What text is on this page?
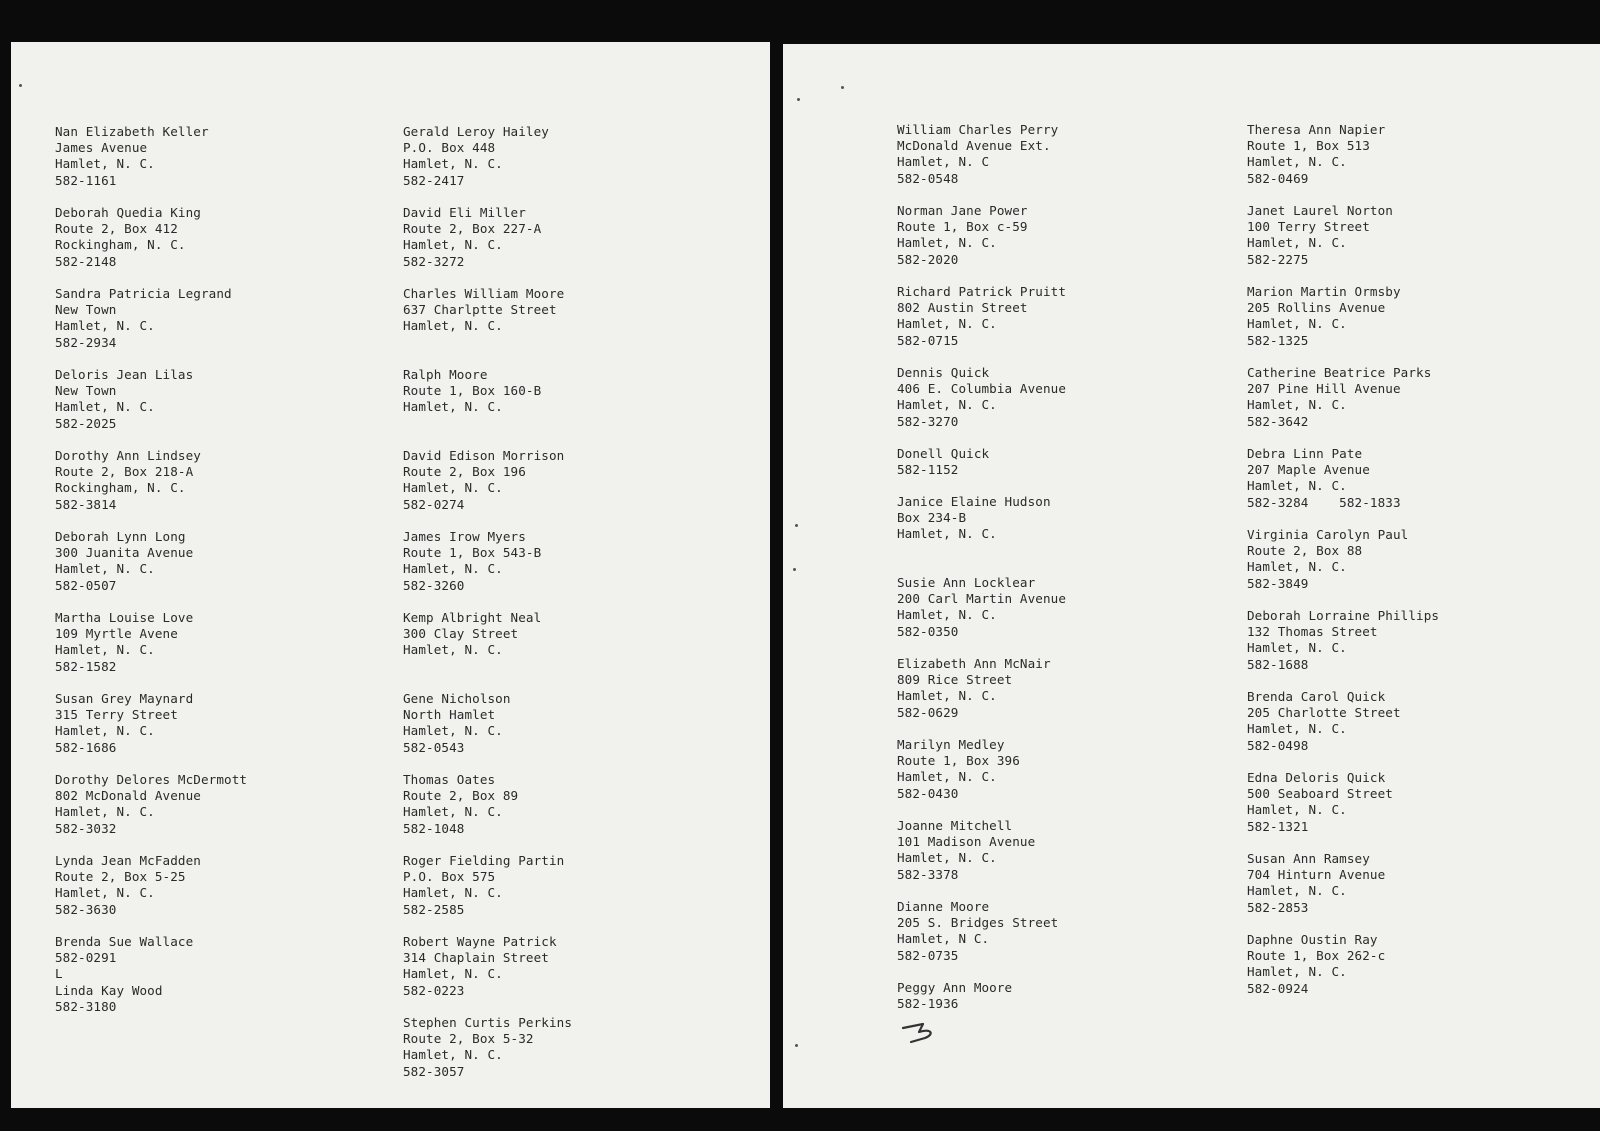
Nan Elizabeth Keller
James Avenue
Hamlet, N. C.
582-1161
Deborah Quedia King
Route 2, Box 412
Rockingham, N. C.
582-2148
Sandra Patricia Legrand
New Town
Hamlet, N. C.
582-2934
Deloris Jean Lilas
New Town
Hamlet, N. C.
582-2025
Dorothy Ann Lindsey
Route 2, Box 218-A
Rockingham, N. C.
582-3814
Deborah Lynn Long
300 Juanita Avenue
Hamlet, N. C.
582-0507
Martha Louise Love
109 Myrtle Avene
Hamlet, N. C.
582-1582
Susan Grey Maynard
315 Terry Street
Hamlet, N. C.
582-1686
Dorothy Delores McDermott
802 McDonald Avenue
Hamlet, N. C.
582-3032
Lynda Jean McFadden
Route 2, Box 5-25
Hamlet, N. C.
582-3630
Brenda Sue Wallace
582-0291
L
Linda Kay Wood
582-3180
Gerald Leroy Hailey
P.O. Box 448
Hamlet, N. C.
582-2417
David Eli Miller
Route 2, Box 227-A
Hamlet, N. C.
582-3272
Charles William Moore
637 Charlptte Street
Hamlet, N. C.
Ralph Moore
Route 1, Box 160-B
Hamlet, N. C.
David Edison Morrison
Route 2, Box 196
Hamlet, N. C.
582-0274
James Irow Myers
Route 1, Box 543-B
Hamlet, N. C.
582-3260
Kemp Albright Neal
300 Clay Street
Hamlet, N. C.
Gene Nicholson
North Hamlet
Hamlet, N. C.
582-0543
Thomas Oates
Route 2, Box 89
Hamlet, N. C.
582-1048
Roger Fielding Partin
P.O. Box 575
Hamlet, N. C.
582-2585
Robert Wayne Patrick
314 Chaplain Street
Hamlet, N. C.
582-0223
Stephen Curtis Perkins
Route 2, Box 5-32
Hamlet, N. C.
582-3057
William Charles Perry
McDonald Avenue Ext.
Hamlet, N. C
582-0548
Norman Jane Power
Route 1, Box c-59
Hamlet, N. C.
582-2020
Richard Patrick Pruitt
802 Austin Street
Hamlet, N. C.
582-0715
Dennis Quick
406 E. Columbia Avenue
Hamlet, N. C.
582-3270
Donell Quick
582-1152
Janice Elaine Hudson
Box 234-B
Hamlet, N. C.
Susie Ann Locklear
200 Carl Martin Avenue
Hamlet, N. C.
582-0350
Elizabeth Ann McNair
809 Rice Street
Hamlet, N. C.
582-0629
Marilyn Medley
Route 1, Box 396
Hamlet, N. C.
582-0430
Joanne Mitchell
101 Madison Avenue
Hamlet, N. C.
582-3378
Dianne Moore
205 S. Bridges Street
Hamlet, N C.
582-0735
Peggy Ann Moore
582-1936
Theresa Ann Napier
Route 1, Box 513
Hamlet, N. C.
582-0469
Janet Laurel Norton
100 Terry Street
Hamlet, N. C.
582-2275
Marion Martin Ormsby
205 Rollins Avenue
Hamlet, N. C.
582-1325
Catherine Beatrice Parks
207 Pine Hill Avenue
Hamlet, N. C.
582-3642
Debra Linn Pate
207 Maple Avenue
Hamlet, N. C.
582-3284    582-1833
Virginia Carolyn Paul
Route 2, Box 88
Hamlet, N. C.
582-3849
Deborah Lorraine Phillips
132 Thomas Street
Hamlet, N. C.
582-1688
Brenda Carol Quick
205 Charlotte Street
Hamlet, N. C.
582-0498
Edna Deloris Quick
500 Seaboard Street
Hamlet, N. C.
582-1321
Susan Ann Ramsey
704 Hinturn Avenue
Hamlet, N. C.
582-2853
Daphne Oustin Ray
Route 1, Box 262-c
Hamlet, N. C.
582-0924
